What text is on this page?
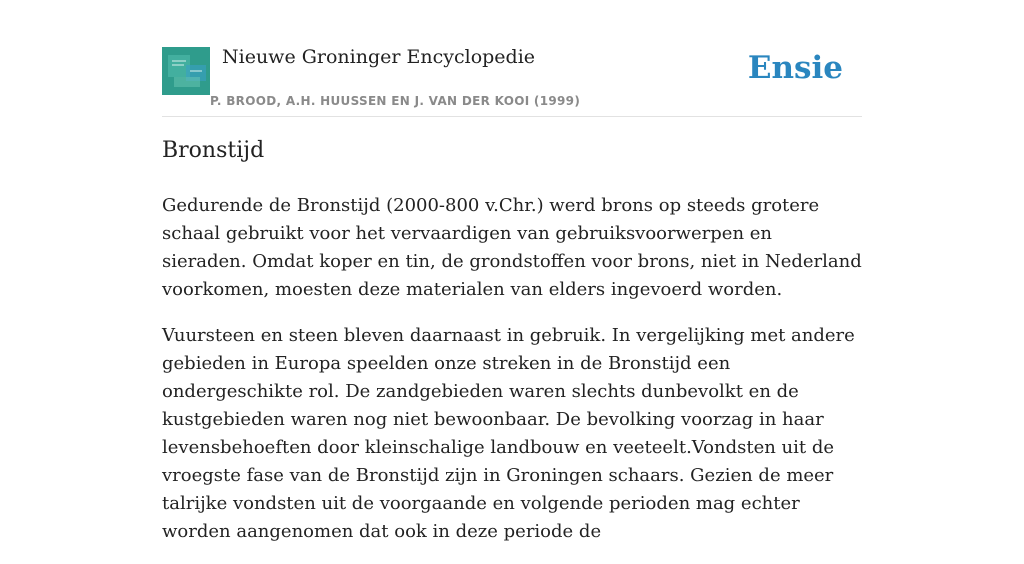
Nieuwe Groninger Encyclopedie
P. BROOD, A.H. HUUSSEN EN J. VAN DER KOOI (1999)
Ensie
Bronstijd

Gedurende de Bronstijd (2000-800 v.Chr.) werd brons op steeds grotere schaal gebruikt voor het vervaardigen van gebruiksvoorwerpen en sieraden. Omdat koper en tin, de grondstoffen voor brons, niet in Nederland voorkomen, moesten deze materialen van elders ingevoerd worden.

Vuursteen en steen bleven daarnaast in gebruik. In vergelijking met andere gebieden in Europa speelden onze streken in de Bronstijd een ondergeschikte rol. De zandgebieden waren slechts dunbevolkt en de kustgebieden waren nog niet bewoonbaar. De bevolking voorzag in haar levensbehoeften door kleinschalige landbouw en veeteelt.Vondsten uit de vroegste fase van de Bronstijd zijn in Groningen schaars. Gezien de meer talrijke vondsten uit de voorgaande en volgende perioden mag echter worden aangenomen dat ook in deze periode de
